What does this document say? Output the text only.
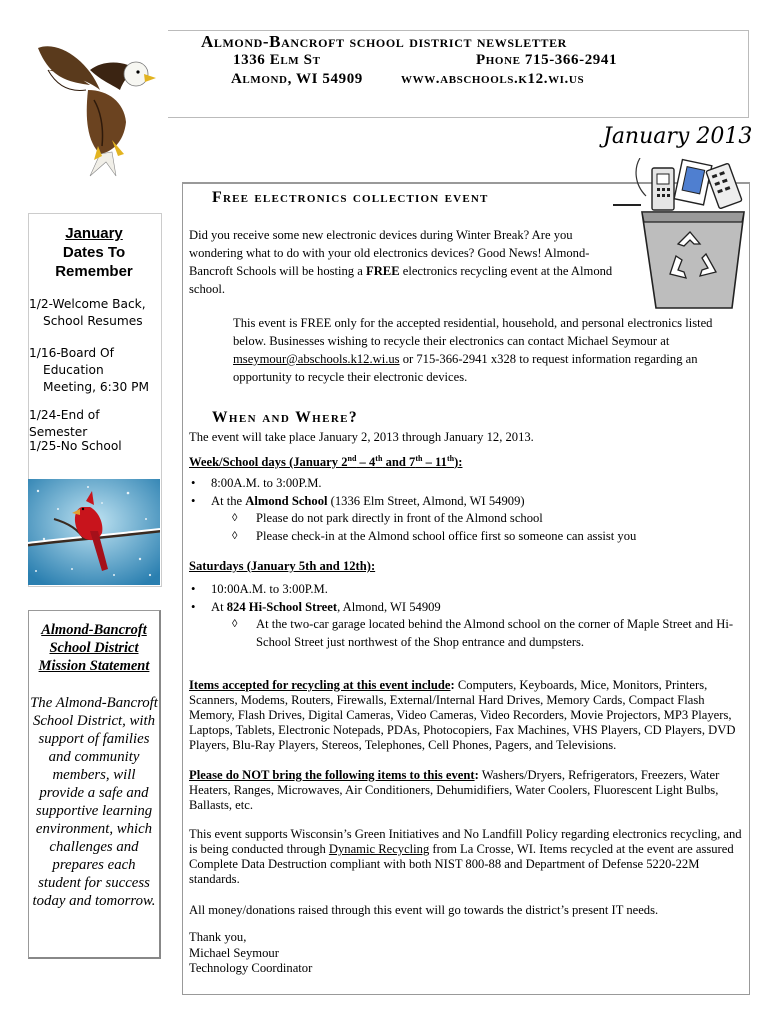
Almond-Bancroft school district newsletter
1336 Elm St	Phone 715-366-2941
Almond, WI 54909	www.abschools.k12.wi.us
January 2013
January
Dates To
Remember
1/2-Welcome Back,
School Resumes
1/16-Board Of
Education Meeting, 6:30 PM
1/24-End of Semester
1/25-No School
Almond-Bancroft School District Mission Statement
The Almond-Bancroft School District, with support of families and community members, will provide a safe and supportive learning environment, which challenges and prepares each student for success today and tomorrow.
Free electronics collection event
Did you receive some new electronic devices during Winter Break? Are you wondering what to do with your old electronics devices? Good News! Almond-Bancroft Schools will be hosting a FREE electronics recycling event at the Almond school.
This event is FREE only for the accepted residential, household, and personal electronics listed below. Businesses wishing to recycle their electronics can contact Michael Seymour at mseymour@abschools.k12.wi.us or 715-366-2941 x328 to request information regarding an opportunity to recycle their electronic devices.
When and Where?
The event will take place January 2, 2013 through January 12, 2013.
Week/School days (January 2nd – 4th and 7th – 11th):
• 8:00A.M. to 3:00P.M.
• At the Almond School (1336 Elm Street, Almond, WI 54909)
◊ Please do not park directly in front of the Almond school
◊ Please check-in at the Almond school office first so someone can assist you
Saturdays (January 5th and 12th):
• 10:00A.M. to 3:00P.M.
• At 824 Hi-School Street, Almond, WI 54909
◊ At the two-car garage located behind the Almond school on the corner of Maple Street and Hi-School Street just northwest of the Shop entrance and dumpsters.
Items accepted for recycling at this event include: Computers, Keyboards, Mice, Monitors, Printers, Scanners, Modems, Routers, Firewalls, External/Internal Hard Drives, Memory Cards, Compact Flash Memory, Flash Drives, Digital Cameras, Video Cameras, Video Recorders, Movie Projectors, MP3 Players, Laptops, Tablets, Electronic Notepads, PDAs, Photocopiers, Fax Machines, VHS Players, CD Players, DVD Players, Blu-Ray Players, Stereos, Telephones, Cell Phones, Pagers, and Televisions.
Please do NOT bring the following items to this event: Washers/Dryers, Refrigerators, Freezers, Water Heaters, Ranges, Microwaves, Air Conditioners, Dehumidifiers, Water Coolers, Fluorescent Light Bulbs, Ballasts, etc.
This event supports Wisconsin’s Green Initiatives and No Landfill Policy regarding electronics recycling, and is being conducted through Dynamic Recycling from La Crosse, WI. Items recycled at the event are assured Complete Data Destruction compliant with both NIST 800-88 and Department of Defense 5220-22M standards.
All money/donations raised through this event will go towards the district’s present IT needs.
Thank you,
Michael Seymour
Technology Coordinator
